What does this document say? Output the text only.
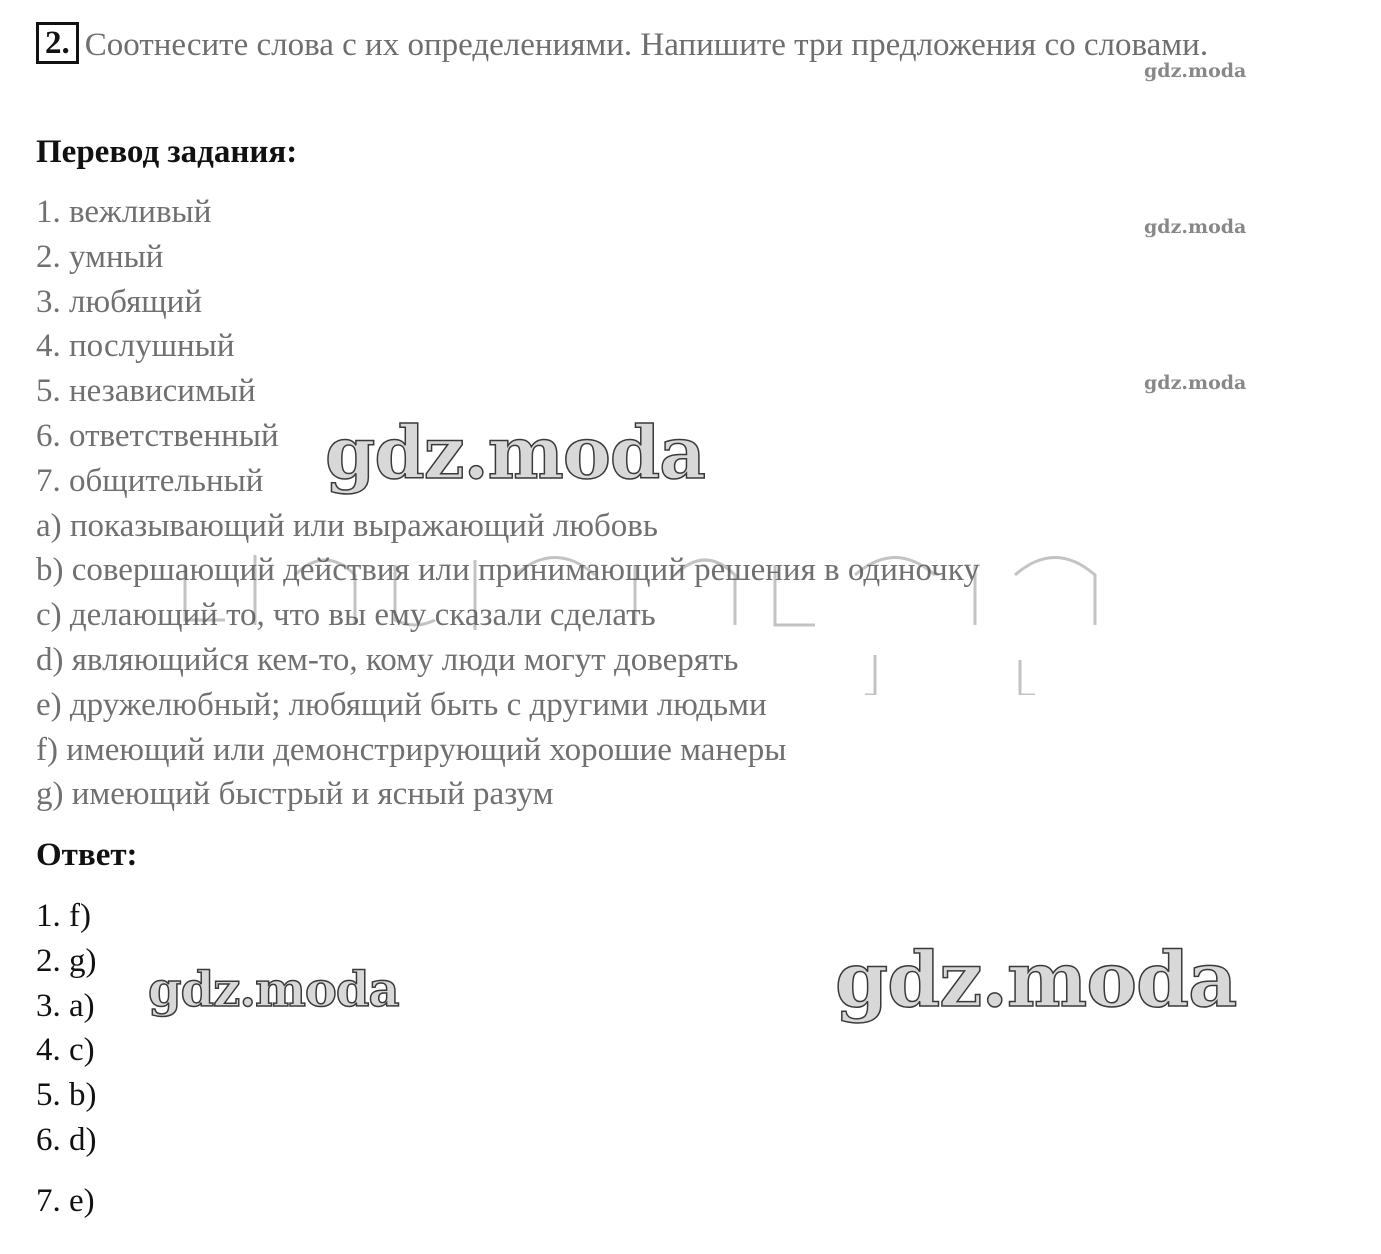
2. Соотнесите слова с их определениями. Напишите три предложения со словами.
Перевод задания:
1. вежливый
2. умный
3. любящий
4. послушный
5. независимый
6. ответственный
7. общительный
a) показывающий или выражающий любовь
b) совершающий действия или принимающий решения в одиночку
c) делающий то, что вы ему сказали сделать
d) являющийся кем-то, кому люди могут доверять
e) дружелюбный; любящий быть с другими людьми
f) имеющий или демонстрирующий хорошие манеры
g) имеющий быстрый и ясный разум
Ответ:
1. f)
2. g)
3. a)
4. c)
5. b)
6. d)
7. e)
gdz.moda
gdz.moda
gdz.moda
gdz.moda
gdz.moda	gdz.moda
